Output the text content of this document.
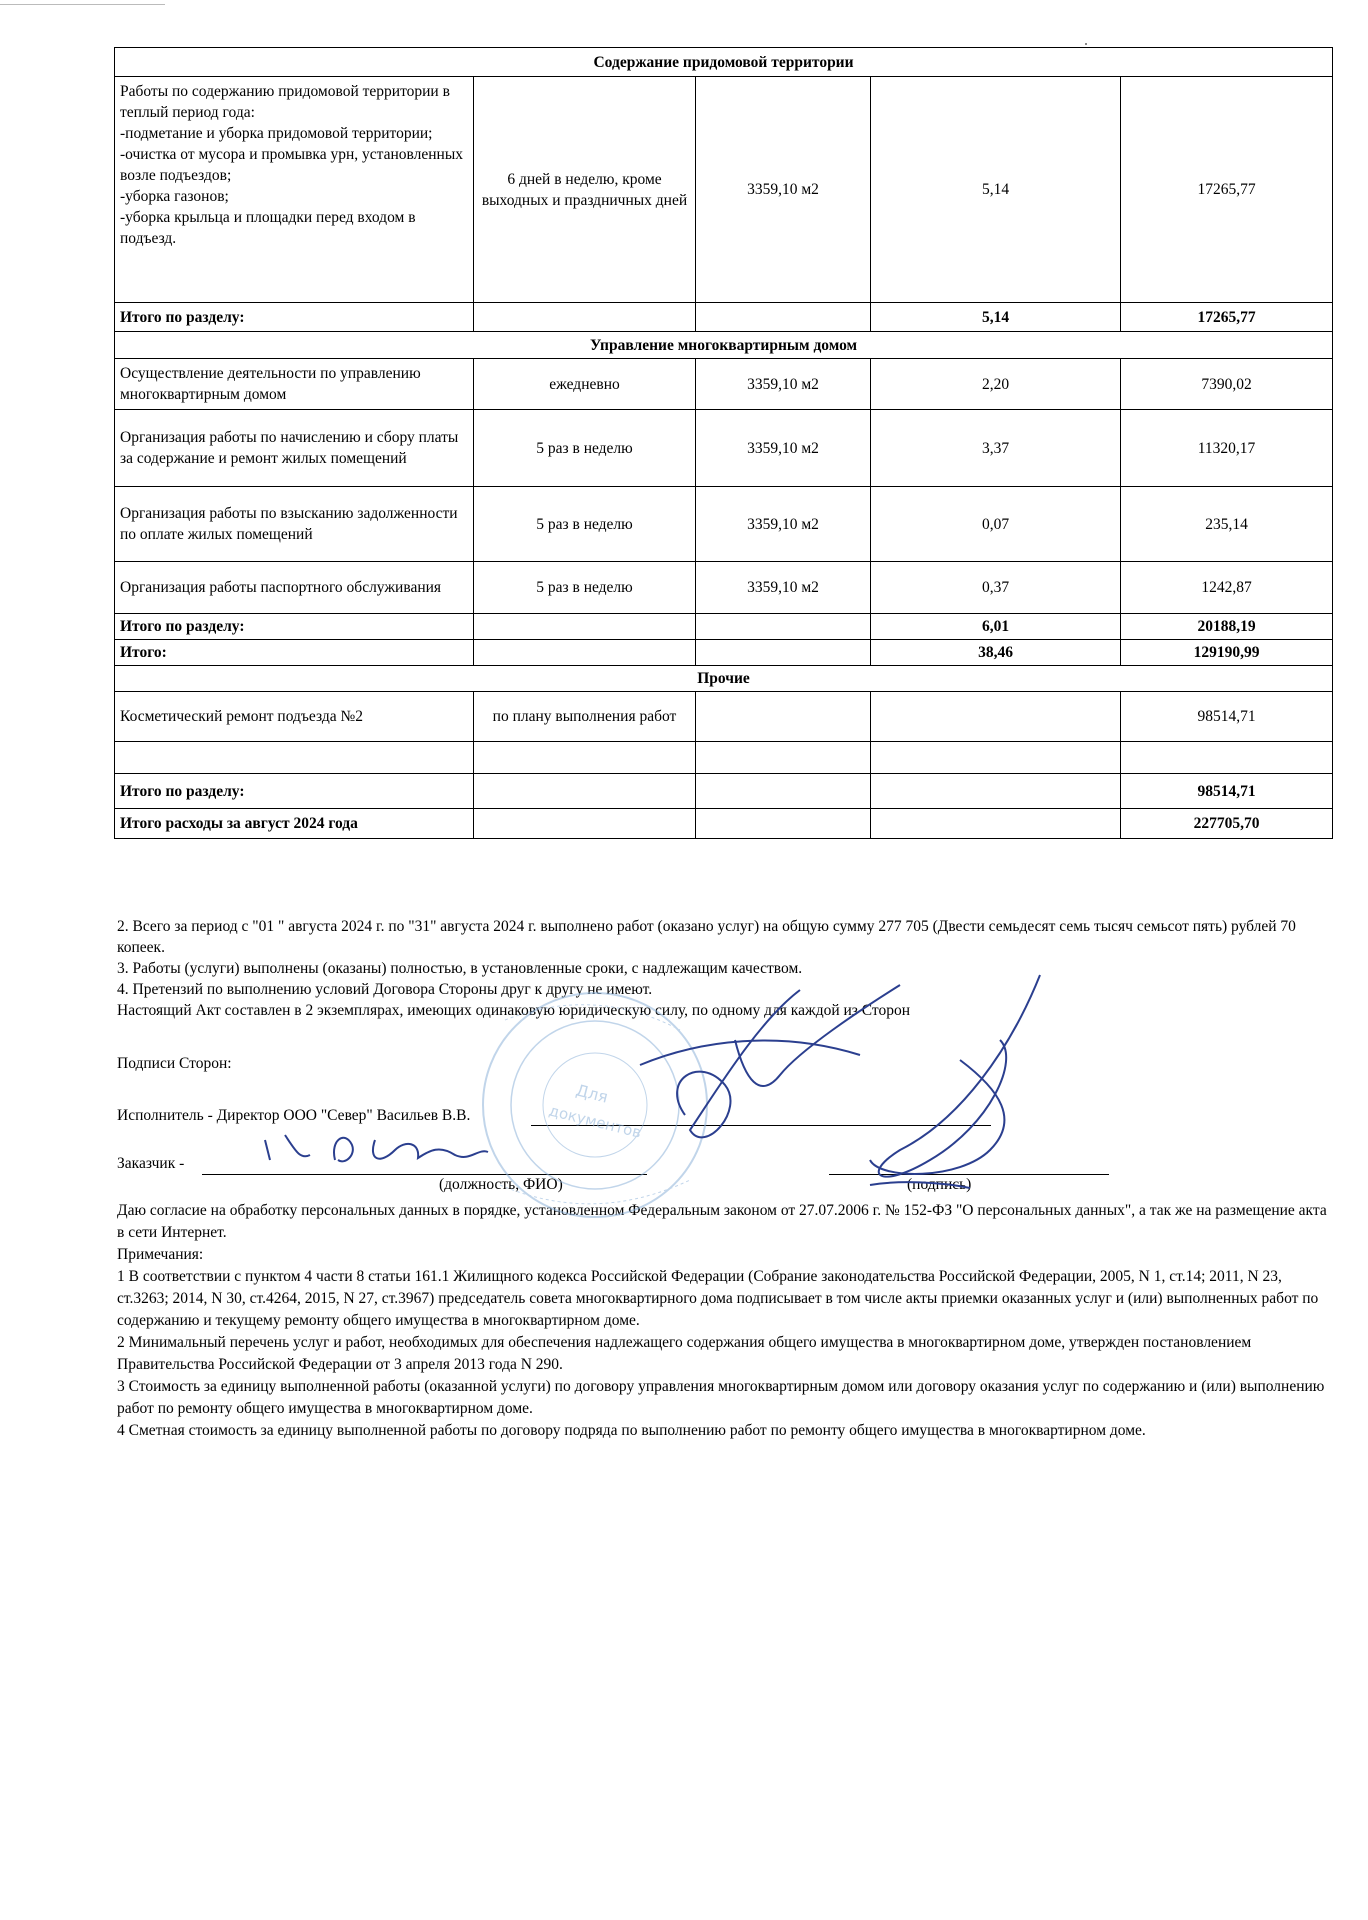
Содержание придомовой территории				
Работы по содержанию придомовой территории в теплый период года:
-подметание и уборка придомовой территории;
-очистка от мусора и промывка урн, установленных возле подъездов;
-уборка газонов;
-уборка крыльца и площадки перед входом в подъезд.	6 дней в неделю, кроме выходных и праздничных дней	3359,10 м2	5,14	17265,77
Итого по разделу:			5,14	17265,77
Управление многоквартирным домом				
Осуществление деятельности по управлению многоквартирным домом	ежедневно	3359,10 м2	2,20	7390,02
Организация работы по начислению и сбору платы за содержание и ремонт жилых помещений	5 раз в неделю	3359,10 м2	3,37	11320,17
Организация работы по взысканию задолженности по оплате жилых помещений	5 раз в неделю	3359,10 м2	0,07	235,14
Организация работы паспортного обслуживания	5 раз в неделю	3359,10 м2	0,37	1242,87
Итого по разделу:			6,01	20188,19
Итого:			38,46	129190,99
Прочие				
Косметический ремонт подъезда №2	по плану выполнения работ			98514,71

Итого по разделу:				98514,71
Итого расходы за август 2024 года				227705,70

2. Всего за период с "01 " августа 2024 г. по "31" августа 2024 г. выполнено работ (оказано услуг) на общую сумму 277 705 (Двести семьдесят семь тысяч семьсот пять) рублей 70 копеек.

3. Работы (услуги) выполнены (оказаны) полностью, в установленные сроки, с надлежащим качеством.

4. Претензий по выполнению условий Договора Стороны друг к другу не имеют.

Настоящий Акт составлен в 2 экземплярах, имеющих одинаковую юридическую силу, по одному для каждой из Сторон

Подписи Сторон:
Исполнитель - Директор ООО "Север" Васильев В.В.
Заказчик -
(должность, ФИО)	(подпись)

Даю согласие на обработку персональных данных в порядке, установленном Федеральным законом от 27.07.2006 г. № 152-ФЗ "О персональных данных", а так же на размещение акта в сети Интернет.

Примечания:

1 В соответствии с пунктом 4 части 8 статьи 161.1 Жилищного кодекса Российской Федерации (Собрание законодательства Российской Федерации, 2005, N 1, ст.14; 2011, N 23, ст.3263; 2014, N 30, ст.4264, 2015, N 27, ст.3967) председатель совета многоквартирного дома подписывает в том числе акты приемки оказанных услуг и (или) выполненных работ по содержанию и текущему ремонту общего имущества в многоквартирном доме.

2 Минимальный перечень услуг и работ, необходимых для обеспечения надлежащего содержания общего имущества в многоквартирном доме, утвержден постановлением Правительства Российской Федерации от 3 апреля 2013 года N 290.

3 Стоимость за единицу выполненной работы (оказанной услуги) по договору управления многоквартирным домом или договору оказания услуг по содержанию и (или) выполнению работ по ремонту общего имущества в многоквартирном доме.

4 Сметная стоимость за единицу выполненной работы по договору подряда по выполнению работ по ремонту общего имущества в многоквартирном доме.

Для
документов
